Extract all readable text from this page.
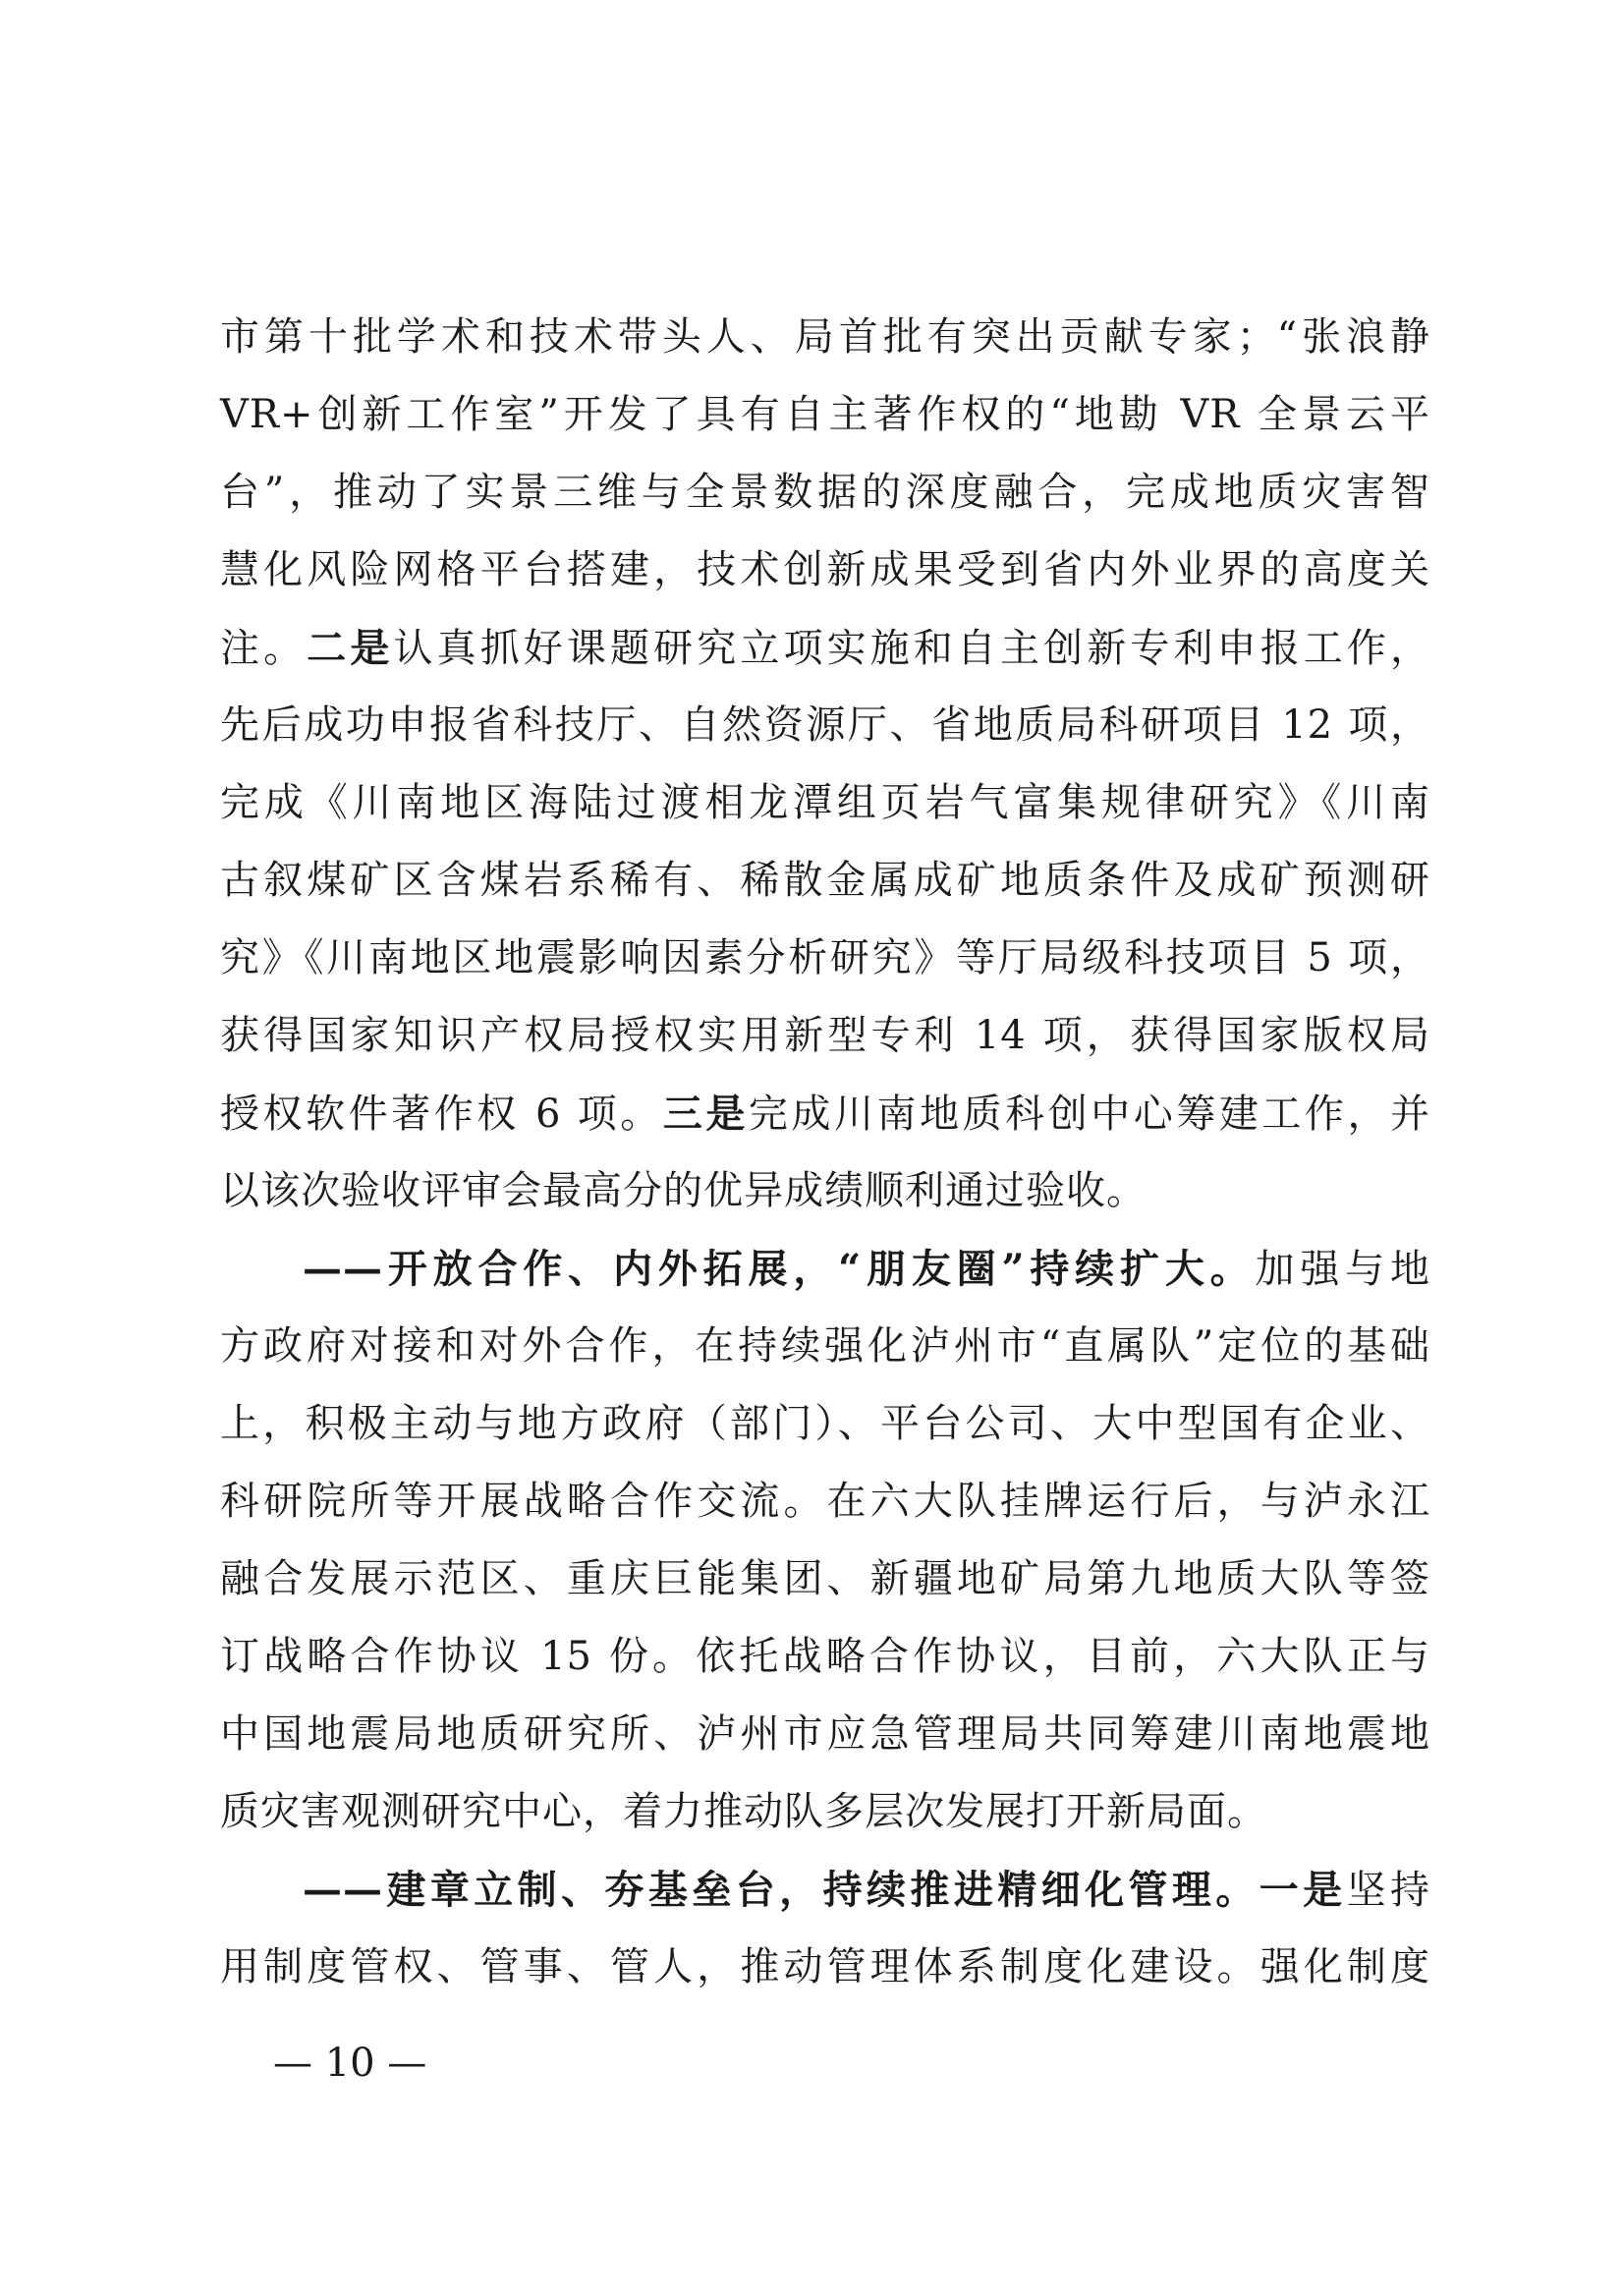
市第十批学术和技术带头人、局首批有突出贡献专家；“张浪静
VR+创新工作室”开发了具有自主著作权的“地勘 VR 全景云平
台”，推动了实景三维与全景数据的深度融合，完成地质灾害智
慧化风险网格平台搭建，技术创新成果受到省内外业界的高度关
注。二是认真抓好课题研究立项实施和自主创新专利申报工作，
先后成功申报省科技厅、自然资源厅、省地质局科研项目 12 项，
完成《川南地区海陆过渡相龙潭组页岩气富集规律研究》《川南
古叙煤矿区含煤岩系稀有、稀散金属成矿地质条件及成矿预测研
究》《川南地区地震影响因素分析研究》等厅局级科技项目 5 项，
获得国家知识产权局授权实用新型专利 14 项，获得国家版权局
授权软件著作权 6 项。三是完成川南地质科创中心筹建工作，并
以该次验收评审会最高分的优异成绩顺利通过验收。
——开放合作、内外拓展，“朋友圈”持续扩大。加强与地
方政府对接和对外合作，在持续强化泸州市“直属队”定位的基础
上，积极主动与地方政府（部门）、平台公司、大中型国有企业、
科研院所等开展战略合作交流。在六大队挂牌运行后，与泸永江
融合发展示范区、重庆巨能集团、新疆地矿局第九地质大队等签
订战略合作协议 15 份。依托战略合作协议，目前，六大队正与
中国地震局地质研究所、泸州市应急管理局共同筹建川南地震地
质灾害观测研究中心，着力推动队多层次发展打开新局面。
——建章立制、夯基垒台，持续推进精细化管理。一是坚持
用制度管权、管事、管人，推动管理体系制度化建设。强化制度
— 10 —
